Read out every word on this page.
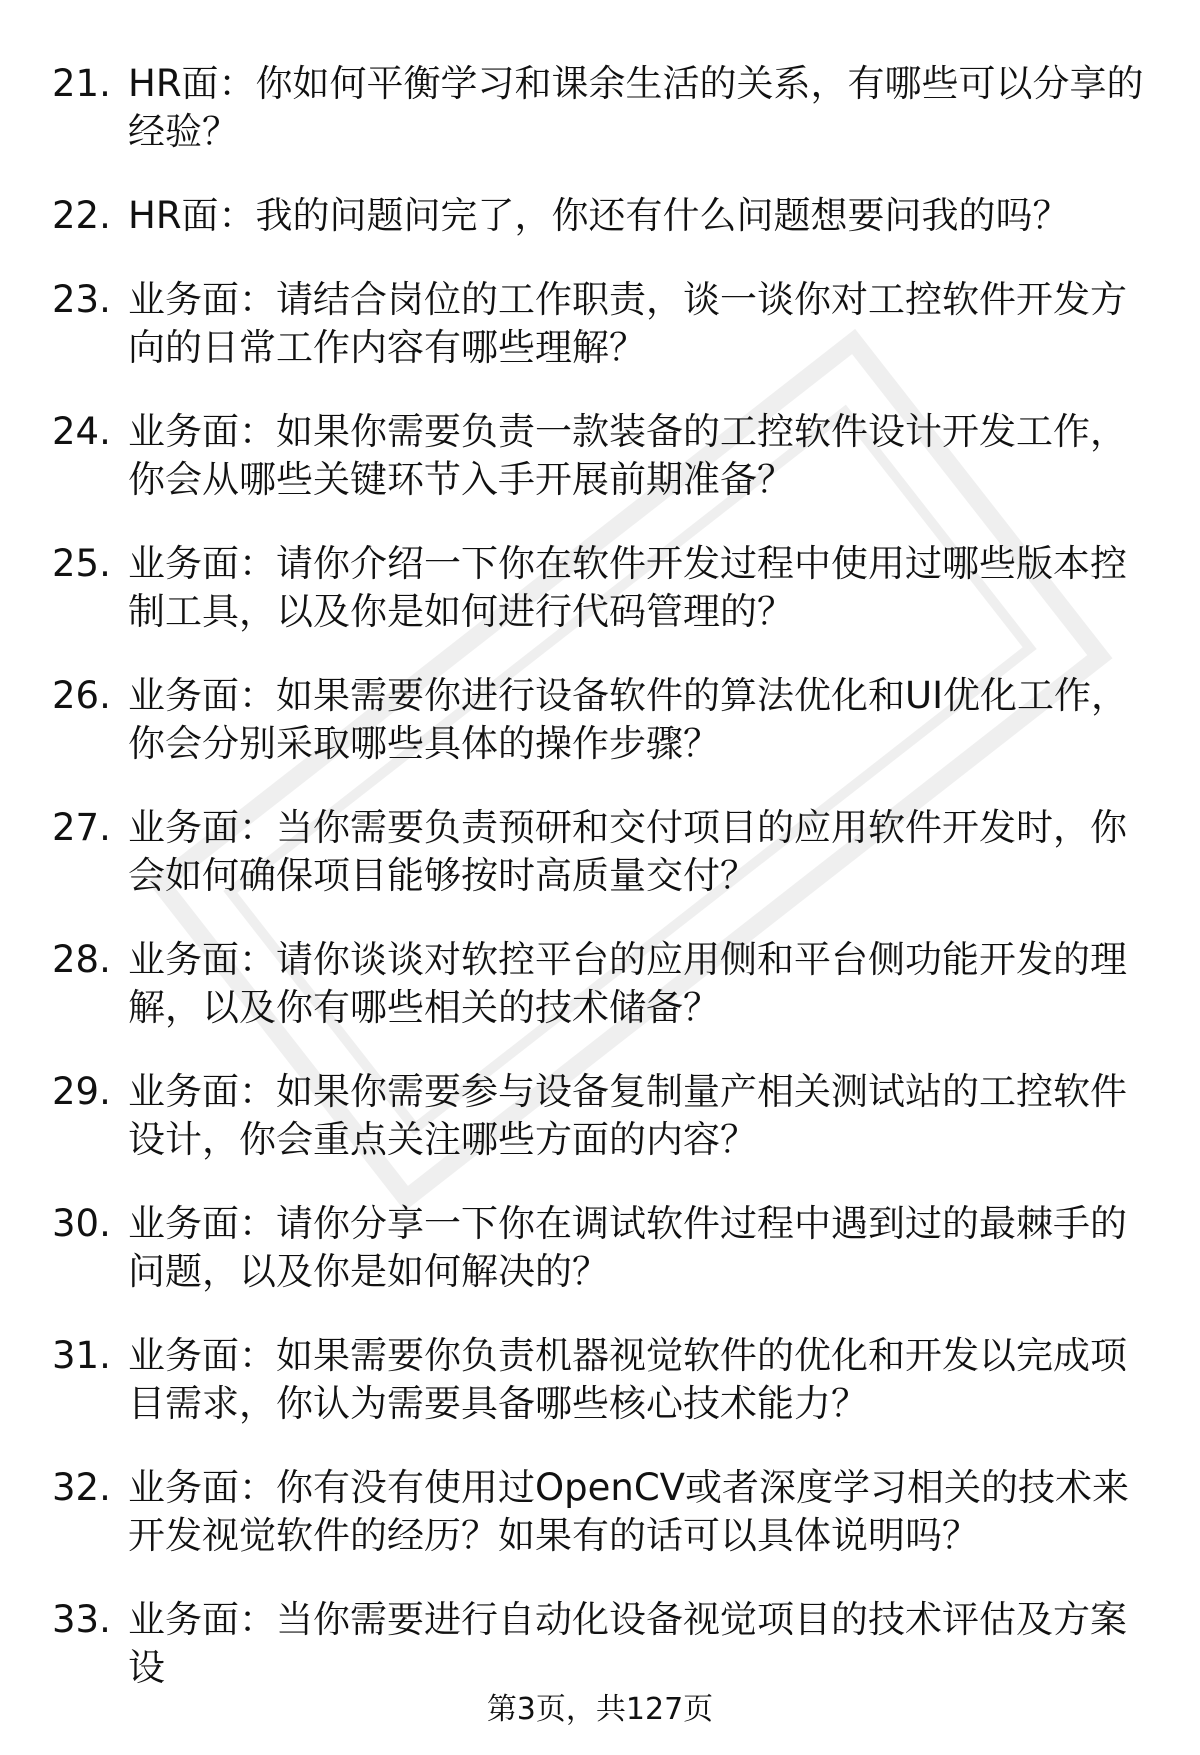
21. HR面：你如何平衡学习和课余生活的关系，有哪些可以分享的经验？
22. HR面：我的问题问完了，你还有什么问题想要问我的吗？
23. 业务面：请结合岗位的工作职责，谈一谈你对工控软件开发方向的日常工作内容有哪些理解？
24. 业务面：如果你需要负责一款装备的工控软件设计开发工作，你会从哪些关键环节入手开展前期准备？
25. 业务面：请你介绍一下你在软件开发过程中使用过哪些版本控制工具，以及你是如何进行代码管理的？
26. 业务面：如果需要你进行设备软件的算法优化和UI优化工作，你会分别采取哪些具体的操作步骤？
27. 业务面：当你需要负责预研和交付项目的应用软件开发时，你会如何确保项目能够按时高质量交付？
28. 业务面：请你谈谈对软控平台的应用侧和平台侧功能开发的理解，以及你有哪些相关的技术储备？
29. 业务面：如果你需要参与设备复制量产相关测试站的工控软件设计，你会重点关注哪些方面的内容？
30. 业务面：请你分享一下你在调试软件过程中遇到过的最棘手的问题，以及你是如何解决的？
31. 业务面：如果需要你负责机器视觉软件的优化和开发以完成项目需求，你认为需要具备哪些核心技术能力？
32. 业务面：你有没有使用过OpenCV或者深度学习相关的技术来开发视觉软件的经历？如果有的话可以具体说明吗？
33. 业务面：当你需要进行自动化设备视觉项目的技术评估及方案设
第3页，共127页
